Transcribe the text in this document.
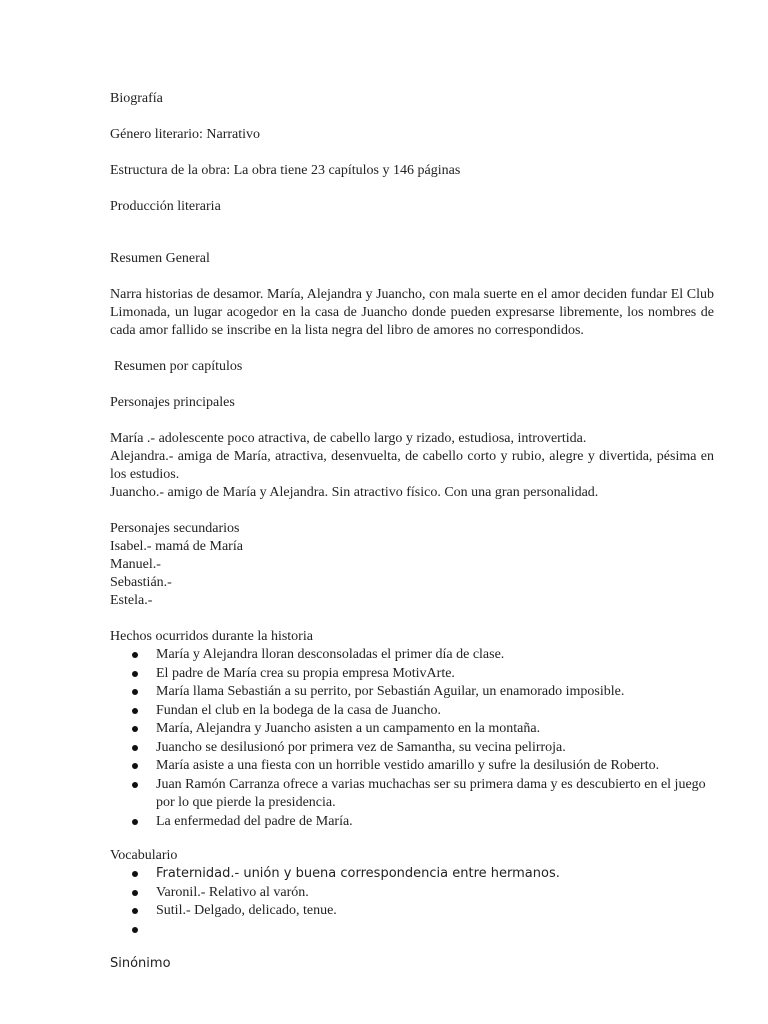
Biografía

Género literario: Narrativo

Estructura de la obra: La obra tiene 23 capítulos y 146 páginas

Producción literaria

Resumen General

Narra historias de desamor. María, Alejandra y Juancho, con mala suerte en el amor deciden fundar El Club Limonada, un lugar acogedor en la casa de Juancho donde pueden expresarse libremente, los nombres de cada amor fallido se inscribe en la lista negra del libro de amores no correspondidos.

Resumen por capítulos

Personajes principales

María .- adolescente poco atractiva, de cabello largo y rizado, estudiosa, introvertida.

Alejandra.- amiga de María, atractiva, desenvuelta, de cabello corto y rubio, alegre y divertida, pésima en los estudios.

Juancho.- amigo de María y Alejandra. Sin atractivo físico. Con una gran personalidad.

Personajes secundarios

Isabel.- mamá de María

Manuel.-

Sebastián.-

Estela.-

Hechos ocurridos durante la historia

María y Alejandra lloran desconsoladas el primer día de clase.
El padre de María crea su propia empresa MotivArte.
María llama Sebastián a su perrito, por Sebastián Aguilar, un enamorado imposible.
Fundan el club en la bodega de la casa de Juancho.
María, Alejandra y Juancho asisten a un campamento en la montaña.
Juancho se desilusionó por primera vez de Samantha, su vecina pelirroja.
María asiste a una fiesta con un horrible vestido amarillo y sufre la desilusión de Roberto.
Juan Ramón Carranza ofrece a varias muchachas ser su primera dama y es descubierto en el juego por lo que pierde la presidencia.
La enfermedad del padre de María.

Vocabulario

Fraternidad.- unión y buena correspondencia entre hermanos.
Varonil.- Relativo al varón.
Sutil.- Delgado, delicado, tenue.

Sinónimo
